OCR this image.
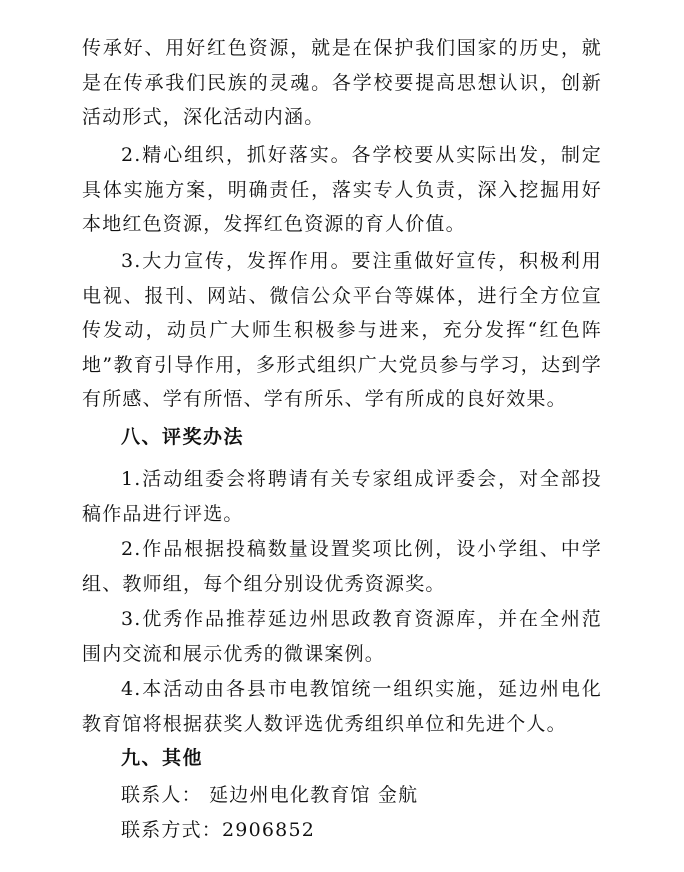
传承好、用好红色资源，就是在保护我们国家的历史，就是在传承我们民族的灵魂。各学校要提高思想认识，创新活动形式，深化活动内涵。

2.精心组织，抓好落实。各学校要从实际出发，制定具体实施方案，明确责任，落实专人负责，深入挖掘用好本地红色资源，发挥红色资源的育人价值。

3.大力宣传，发挥作用。要注重做好宣传，积极利用电视、报刊、网站、微信公众平台等媒体，进行全方位宣传发动，动员广大师生积极参与进来，充分发挥“红色阵地”教育引导作用，多形式组织广大党员参与学习，达到学有所感、学有所悟、学有所乐、学有所成的良好效果。

八、评奖办法

1.活动组委会将聘请有关专家组成评委会，对全部投稿作品进行评选。

2.作品根据投稿数量设置奖项比例，设小学组、中学组、教师组，每个组分别设优秀资源奖。

3.优秀作品推荐延边州思政教育资源库，并在全州范围内交流和展示优秀的微课案例。

4.本活动由各县市电教馆统一组织实施，延边州电化教育馆将根据获奖人数评选优秀组织单位和先进个人。

九、其他
联系人： 延边州电化教育馆 金航
联系方式：2906852
